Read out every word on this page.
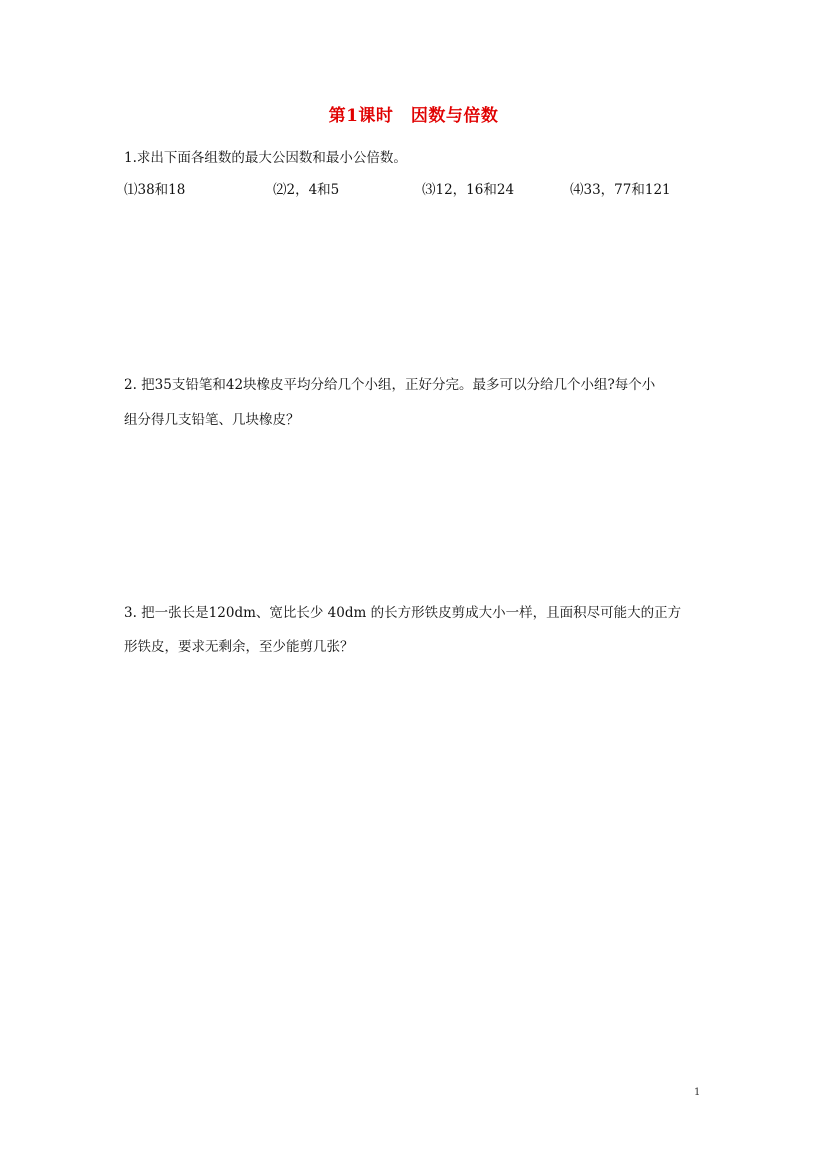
第1课时　因数与倍数
1.求出下面各组数的最大公因数和最小公倍数。
⑴38和18	⑵2，4和5	⑶12，16和24	⑷33，77和121
2. 把35支铅笔和42块橡皮平均分给几个小组，正好分完。最多可以分给几个小组?每个小
组分得几支铅笔、几块橡皮？
3. 把一张长是120dm、宽比长少 40dm 的长方形铁皮剪成大小一样，且面积尽可能大的正方
形铁皮，要求无剩余，至少能剪几张？
1
